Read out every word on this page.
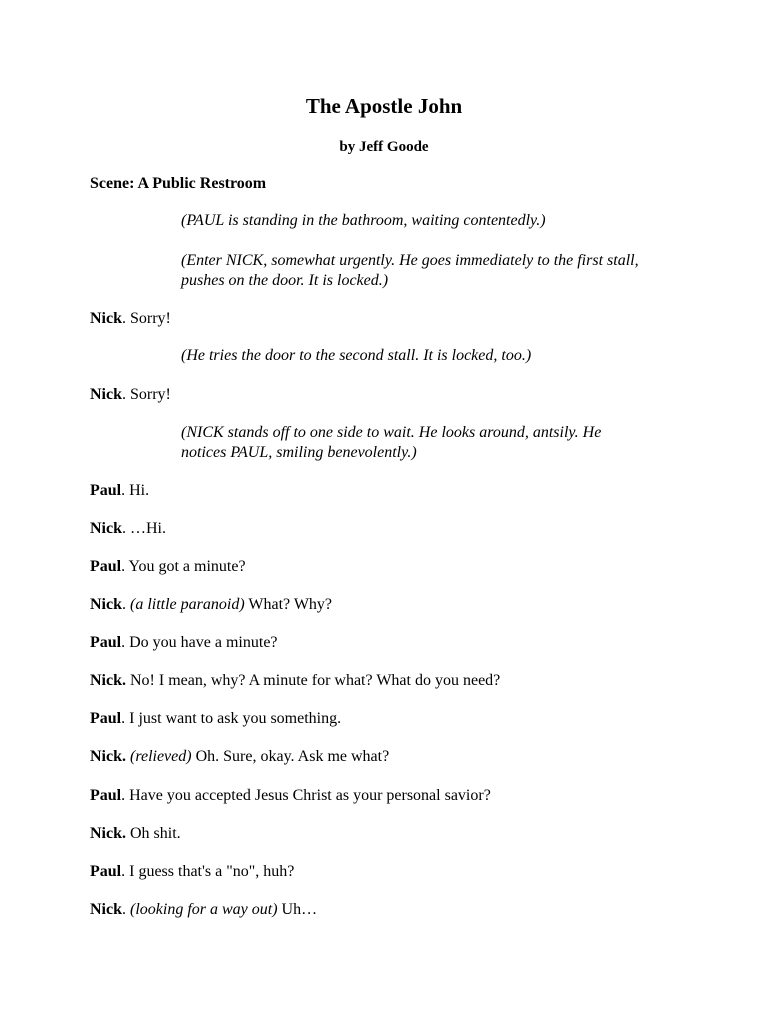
The Apostle John
by Jeff Goode
Scene: A Public Restroom
(PAUL is standing in the bathroom, waiting contentedly.)
(Enter NICK, somewhat urgently. He goes immediately to the first stall,
pushes on the door. It is locked.)
Nick. Sorry!
(He tries the door to the second stall. It is locked, too.)
Nick. Sorry!
(NICK stands off to one side to wait. He looks around, antsily. He
notices PAUL, smiling benevolently.)
Paul. Hi.
Nick. …Hi.
Paul. You got a minute?
Nick. (a little paranoid) What? Why?
Paul. Do you have a minute?
Nick. No! I mean, why? A minute for what? What do you need?
Paul. I just want to ask you something.
Nick. (relieved) Oh. Sure, okay. Ask me what?
Paul. Have you accepted Jesus Christ as your personal savior?
Nick. Oh shit.
Paul. I guess that's a "no", huh?
Nick. (looking for a way out) Uh…
